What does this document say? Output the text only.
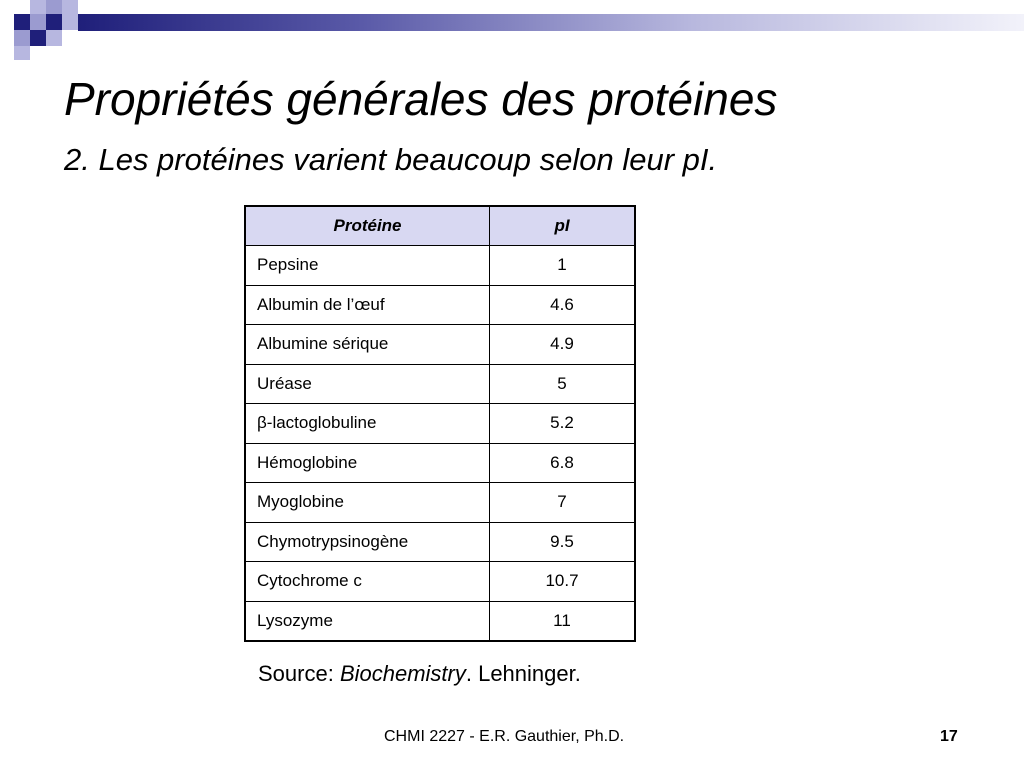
Propriétés générales des protéines
2. Les protéines varient beaucoup selon leur pI.
Protéine	pI
Pepsine	1
Albumin de l’œuf	4.6
Albumine sérique	4.9
Uréase	5
β-lactoglobuline	5.2
Hémoglobine	6.8
Myoglobine	7
Chymotrypsinogène	9.5
Cytochrome c	10.7
Lysozyme	11
Source: Biochemistry. Lehninger.
CHMI 2227 - E.R. Gauthier, Ph.D.	17
